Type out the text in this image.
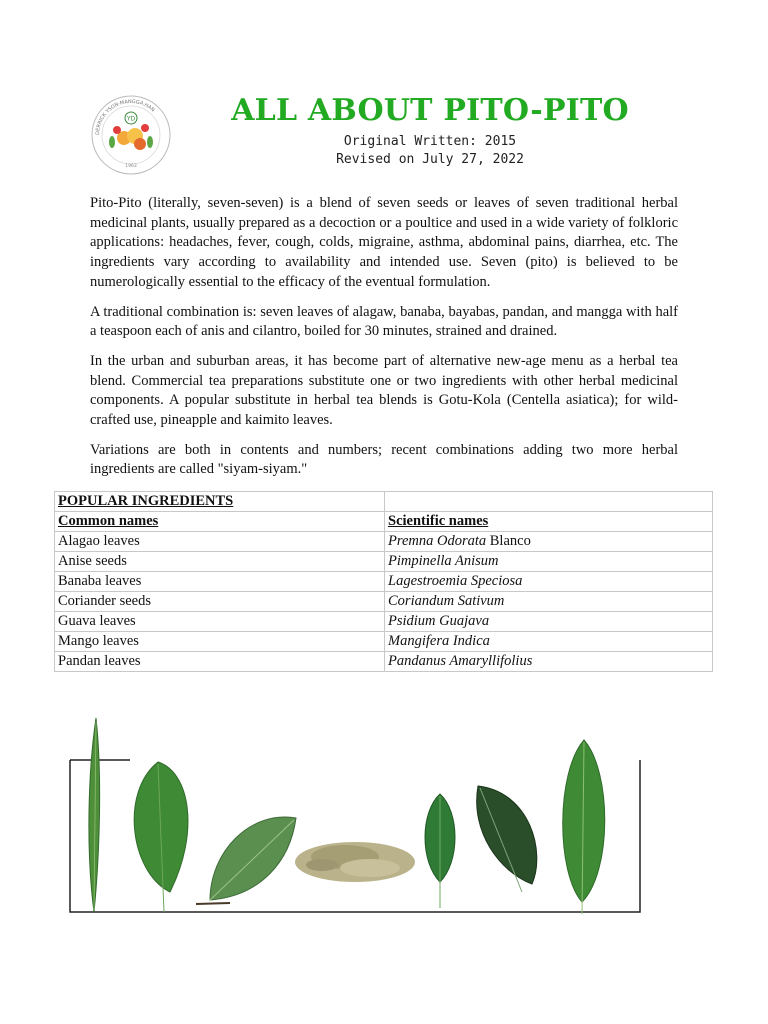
DERRICK YSON·MANGGA.HAN
YD
1963
ALL ABOUT PITO-PITO
Original Written: 2015
Revised on July 27, 2022

Pito-Pito (literally, seven-seven) is a blend of seven seeds or leaves of seven traditional herbal medicinal plants, usually prepared as a decoction or a poultice and used in a wide variety of folkloric applications: headaches, fever, cough, colds, migraine, asthma, abdominal pains, diarrhea, etc. The ingredients vary according to availability and intended use. Seven (pito) is believed to be numerologically essential to the efficacy of the eventual formulation.

A traditional combination is: seven leaves of alagaw, banaba, bayabas, pandan, and mangga with half a teaspoon each of anis and cilantro, boiled for 30 minutes, strained and drained.

In the urban and suburban areas, it has become part of alternative new-age menu as a herbal tea blend. Commercial tea preparations substitute one or two ingredients with other herbal medicinal components. A popular substitute in herbal tea blends is Gotu-Kola (Centella asiatica); for wild-crafted use, pineapple and kaimito leaves.

Variations are both in contents and numbers; recent combinations adding two more herbal ingredients are called "siyam-siyam."

POPULAR INGREDIENTS	
Common names	Scientific names
Alagao leaves	Premna Odorata Blanco
Anise seeds	Pimpinella Anisum
Banaba leaves	Lagestroemia Speciosa
Coriander seeds	Coriandum Sativum
Guava leaves	Psidium Guajava
Mango leaves	Mangifera Indica
Pandan leaves	Pandanus Amaryllifolius
